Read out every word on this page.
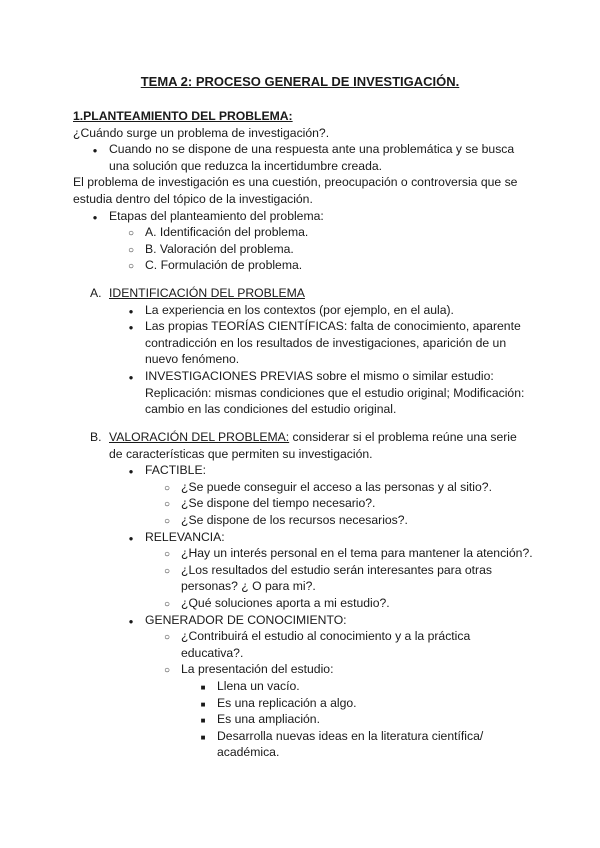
TEMA 2: PROCESO GENERAL DE INVESTIGACIÓN.
1.PLANTEAMIENTO DEL PROBLEMA:
¿Cuándo surge un problema de investigación?.
●
Cuando no se dispone de una respuesta ante una problemática y se busca una solución que reduzca la incertidumbre creada.
El problema de investigación es una cuestión, preocupación o controversia que se estudia dentro del tópico de la investigación.
●
Etapas del planteamiento del problema:
○
A. Identificación del problema.
○
B. Valoración del problema.
○
C. Formulación de problema.
A. IDENTIFICACIÓN DEL PROBLEMA
●
La experiencia en los contextos (por ejemplo, en el aula).
●
Las propias TEORÍAS CIENTÍFICAS: falta de conocimiento, aparente contradicción en los resultados de investigaciones, aparición de un nuevo fenómeno.
●
INVESTIGACIONES PREVIAS sobre el mismo o similar estudio: Replicación: mismas condiciones que el estudio original; Modificación: cambio en las condiciones del estudio original.
B. VALORACIÓN DEL PROBLEMA: considerar si el problema reúne una serie de características que permiten su investigación.
●
FACTIBLE:
○
¿Se puede conseguir el acceso a las personas y al sitio?.
○
¿Se dispone del tiempo necesario?.
○
¿Se dispone de los recursos necesarios?.
●
RELEVANCIA:
○
¿Hay un interés personal en el tema para mantener la atención?.
○
¿Los resultados del estudio serán interesantes para otras personas? ¿ O para mi?.
○
¿Qué soluciones aporta a mi estudio?.
●
GENERADOR DE CONOCIMIENTO:
○
¿Contribuirá el estudio al conocimiento y a la práctica educativa?.
○
La presentación del estudio:
■
Llena un vacío.
■
Es una replicación a algo.
■
Es una ampliación.
■
Desarrolla nuevas ideas en la literatura científica/ académica.
